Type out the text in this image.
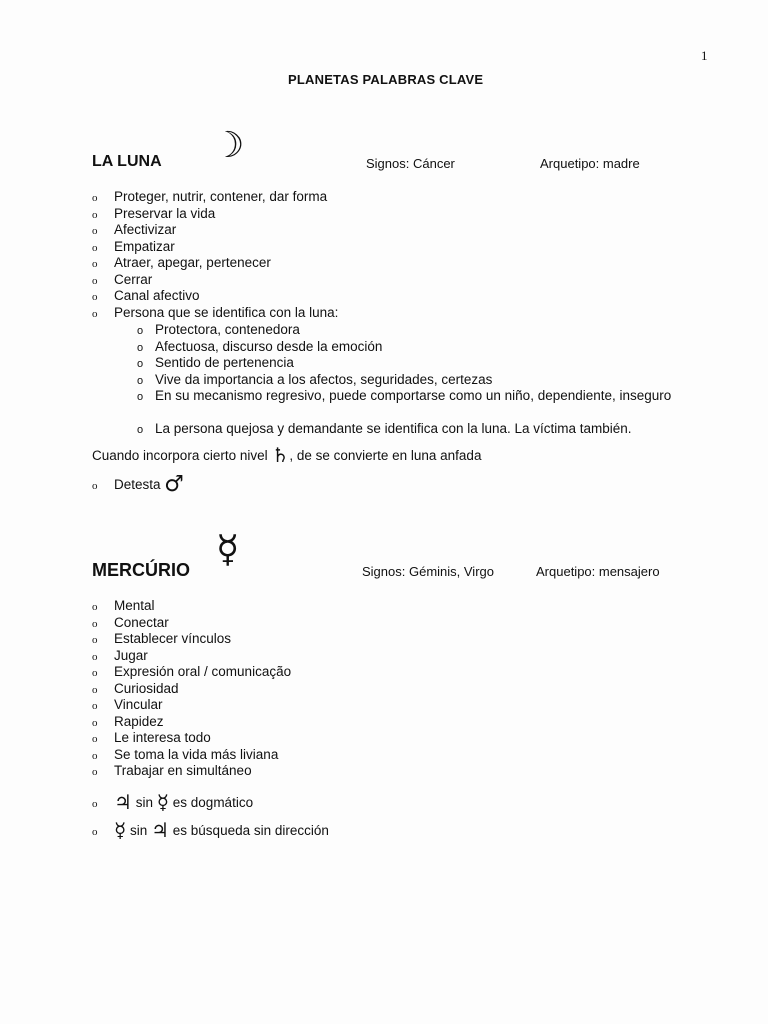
1
PLANETAS PALABRAS CLAVE
LA LUNA ☽	Signos: Cáncer	Arquetipo: madre
o Proteger, nutrir, contener, dar forma
o Preservar la vida
o Afectivizar
o Empatizar
o Atraer, apegar, pertenecer
o Cerrar
o Canal afectivo
o Persona que se identifica con la luna:
o Protectora, contenedora
o Afectuosa, discurso desde la emoción
o Sentido de pertenencia
o Vive da importancia a los afectos, seguridades, certezas
o En su mecanismo regresivo, puede comportarse como un niño, dependiente, inseguro
o La persona quejosa y demandante se identifica con la luna. La víctima también.
Cuando incorpora cierto nivel ♄, de se convierte en luna anfada
o Detesta ♂
MERCÚRIO ☿
Signos: Géminis, Virgo	Arquetipo: mensajero
o Mental
o Conectar
o Establecer vínculos
o Jugar
o Expresión oral / comunicação
o Curiosidad
o Vincular
o Rapidez
o Le interesa todo
o Se toma la vida más liviana
o Trabajar en simultáneo
o ♃ sin ☿ es dogmático
o ☿ sin ♃ es búsqueda sin dirección
